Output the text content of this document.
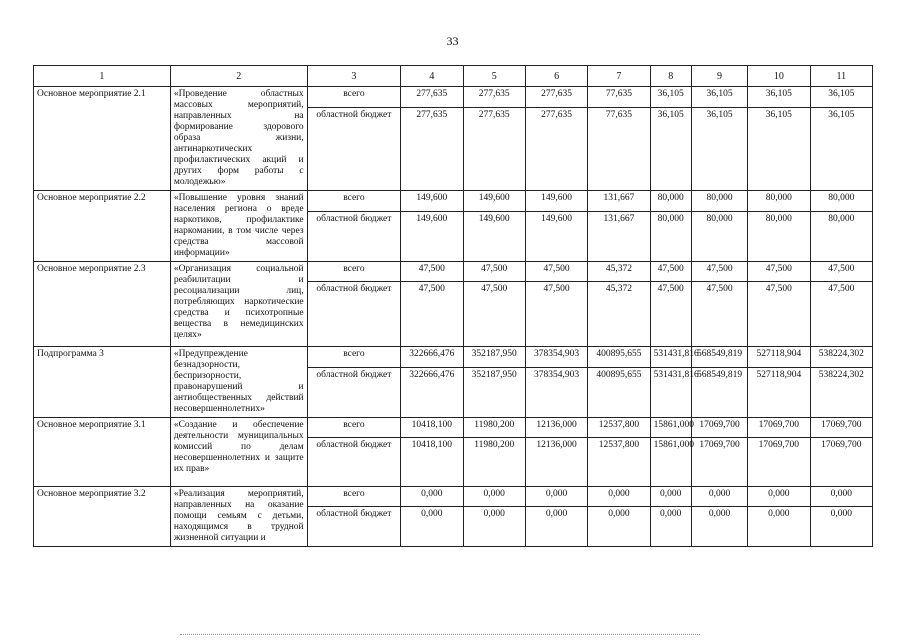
33
1	2	3	4	5	6	7	8	9	10	11
Основное мероприятие 2.1	«Проведение областных массовых мероприятий, направленных на формирование здорового образа жизни, антинаркотических профилактических акций и других форм работы с молодежью»	всего	277,635	277,635	277,635	77,635	36,105	36,105	36,105	36,105
		областной бюджет	277,635	277,635	277,635	77,635	36,105	36,105	36,105	36,105
Основное мероприятие 2.2	«Повышение уровня знаний населения региона о вреде наркотиков, профилактике наркомании, в том числе через средства массовой информации»	всего	149,600	149,600	149,600	131,667	80,000	80,000	80,000	80,000
		областной бюджет	149,600	149,600	149,600	131,667	80,000	80,000	80,000	80,000
Основное мероприятие 2.3	«Организация социальной реабилитации и ресоциализации лиц, потребляющих наркотические средства и психотропные вещества в немедицинских целях»	всего	47,500	47,500	47,500	45,372	47,500	47,500	47,500	47,500
		областной бюджет	47,500	47,500	47,500	45,372	47,500	47,500	47,500	47,500
Подпрограмма 3	«Предупреждение безнадзорности, беспризорности, правонарушений и антиобщественных действий несовершеннолетних»	всего	322666,476	352187,950	378354,903	400895,655	531431,816	568549,819	527118,904	538224,302
		областной бюджет	322666,476	352187,950	378354,903	400895,655	531431,816	568549,819	527118,904	538224,302
Основное мероприятие 3.1	«Создание и обеспечение деятельности муниципальных комиссий по делам несовершеннолетних и защите их прав»	всего	10418,100	11980,200	12136,000	12537,800	15861,000	17069,700	17069,700	17069,700
		областной бюджет	10418,100	11980,200	12136,000	12537,800	15861,000	17069,700	17069,700	17069,700
Основное мероприятие 3.2	«Реализация мероприятий, направленных на оказание помощи семьям с детьми, находящимся в трудной жизненной ситуации и	всего	0,000	0,000	0,000	0,000	0,000	0,000	0,000	0,000
		областной бюджет	0,000	0,000	0,000	0,000	0,000	0,000	0,000	0,000
